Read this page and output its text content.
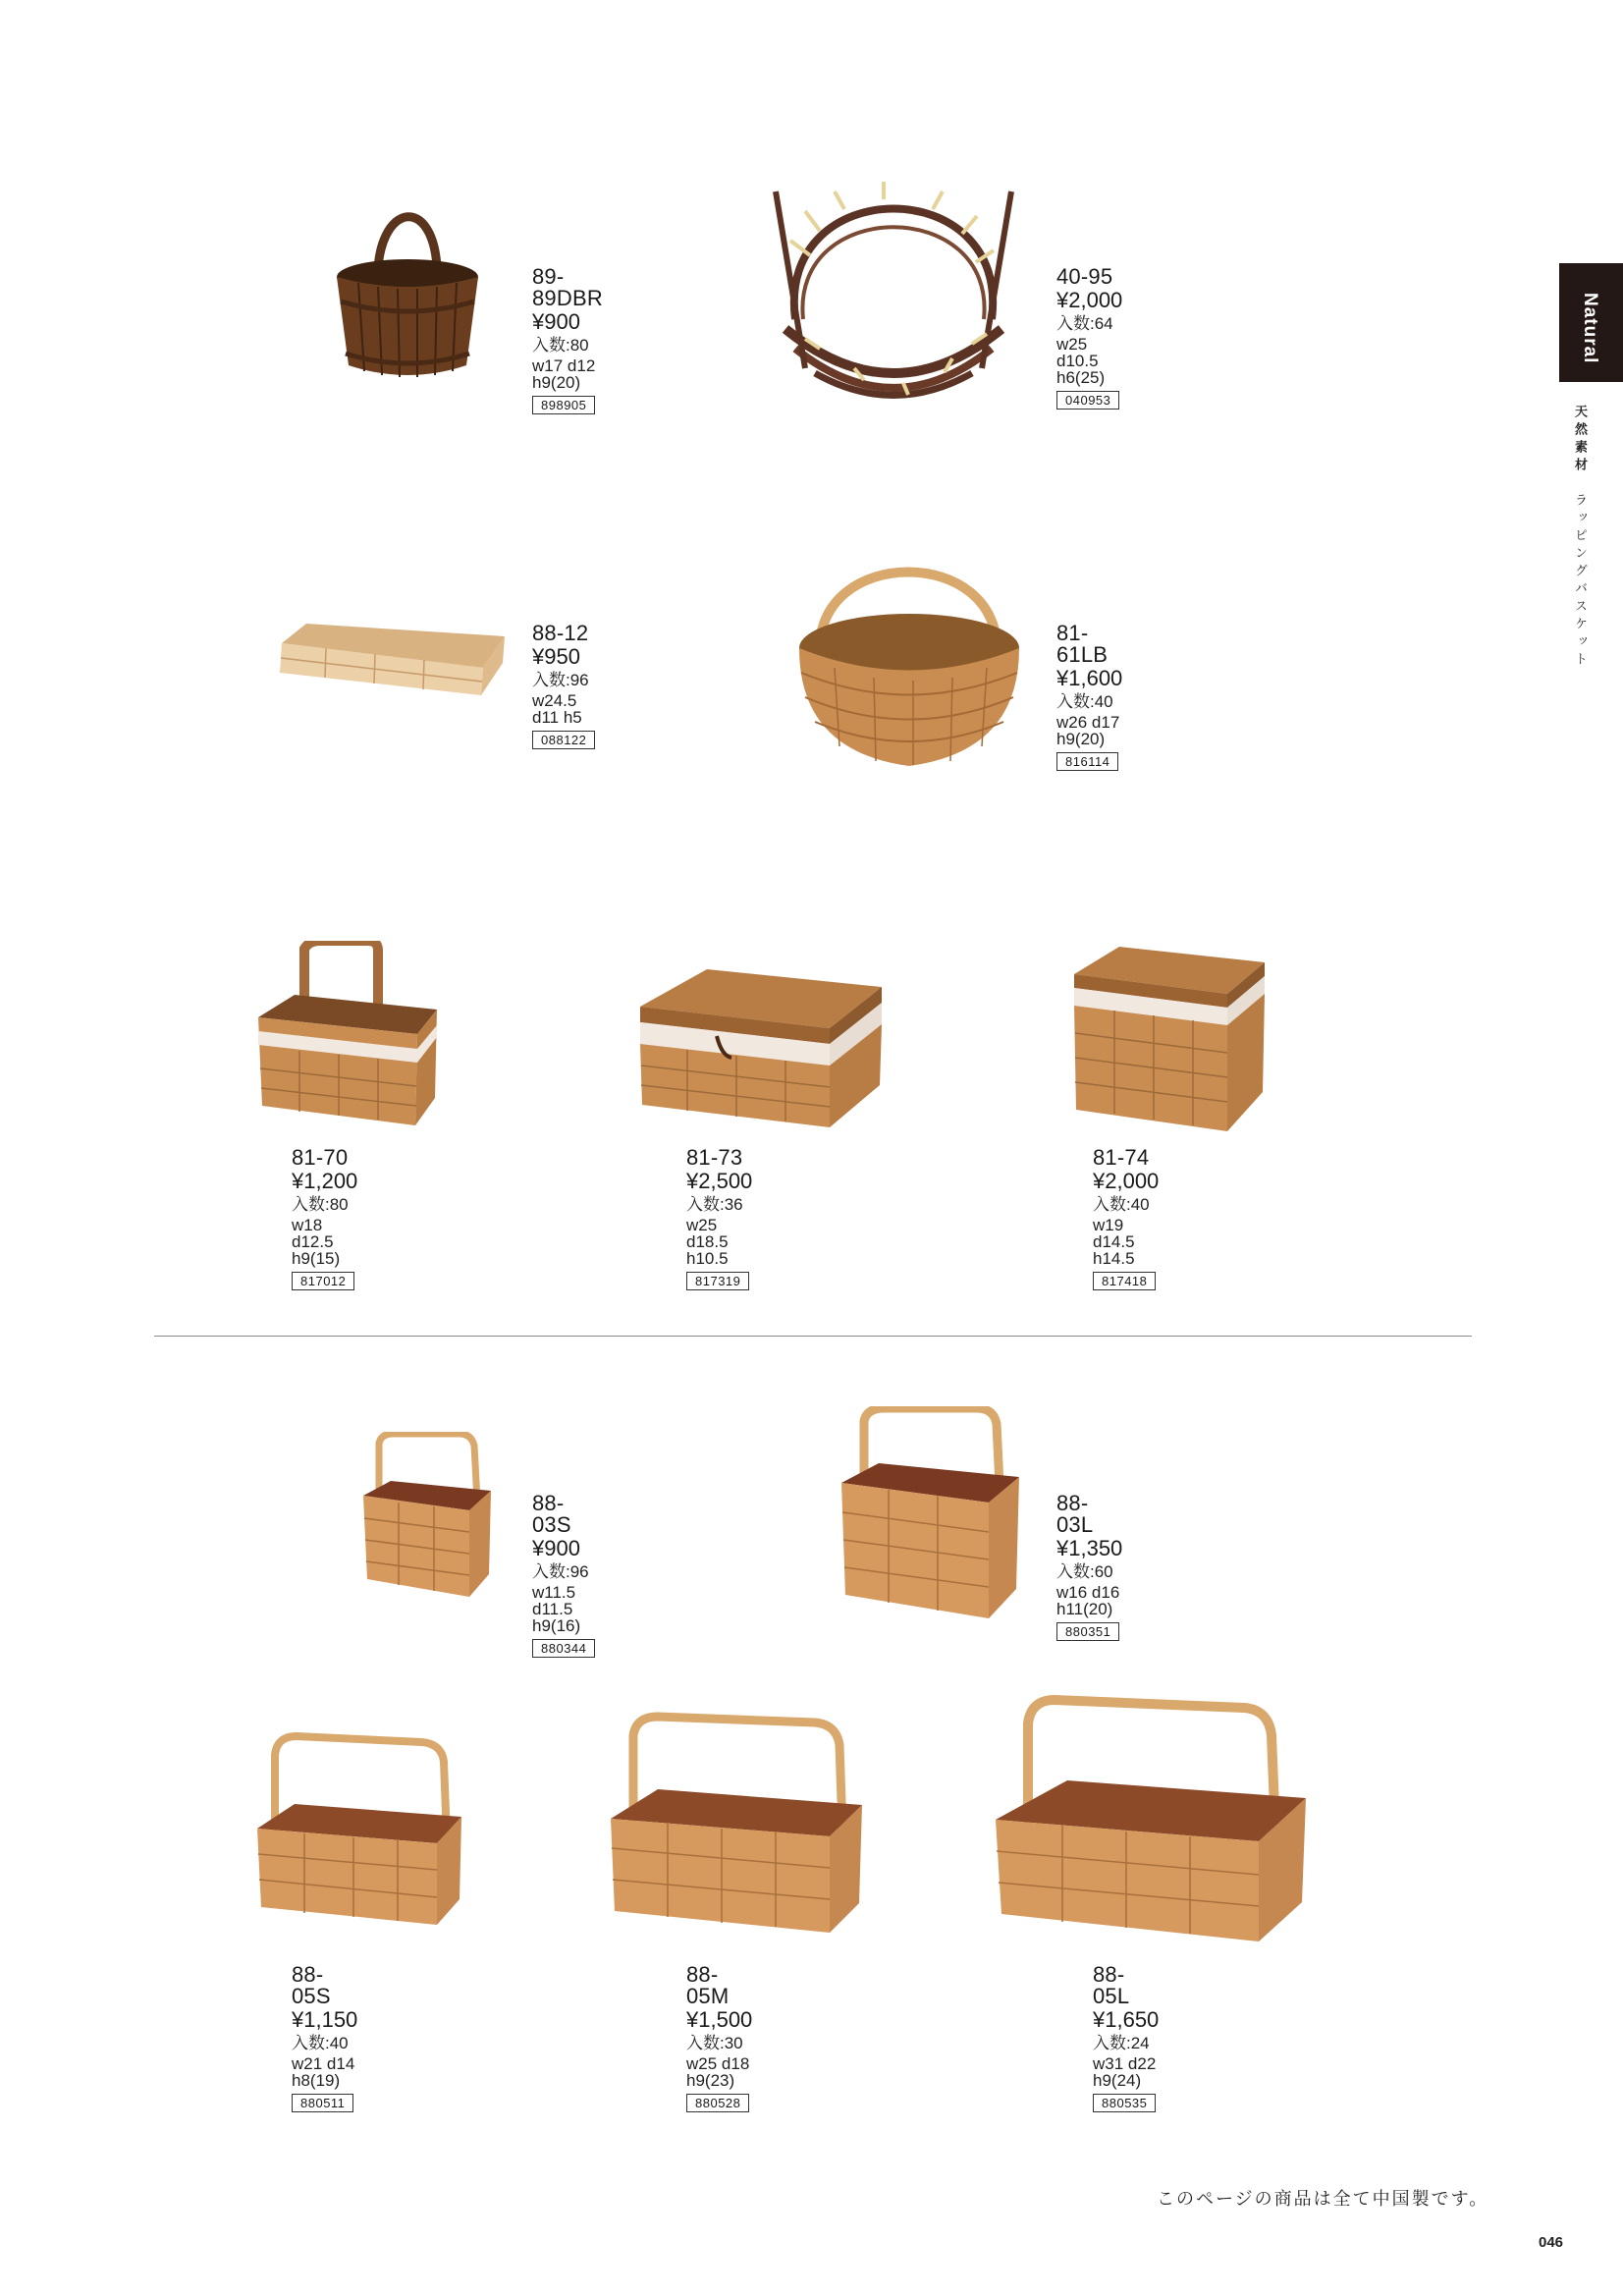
Natural
天然素材　ラッピングバスケット
89-89DBR
¥900
入数:80
w17 d12 h9(20)
898905
40-95
¥2,000
入数:64
w25 d10.5 h6(25)
040953
88-12
¥950
入数:96
w24.5 d11 h5
088122
81-61LB
¥1,600
入数:40
w26 d17 h9(20)
816114
81-70
¥1,200
入数:80
w18 d12.5 h9(15)
817012
81-73
¥2,500
入数:36
w25 d18.5 h10.5
817319
81-74
¥2,000
入数:40
w19 d14.5 h14.5
817418
88-03S
¥900
入数:96
w11.5 d11.5 h9(16)
880344
88-03L
¥1,350
入数:60
w16 d16 h11(20)
880351
88-05S
¥1,150
入数:40
w21 d14 h8(19)
880511
88-05M
¥1,500
入数:30
w25 d18 h9(23)
880528
88-05L
¥1,650
入数:24
w31 d22 h9(24)
880535
このページの商品は全て中国製です。
046
